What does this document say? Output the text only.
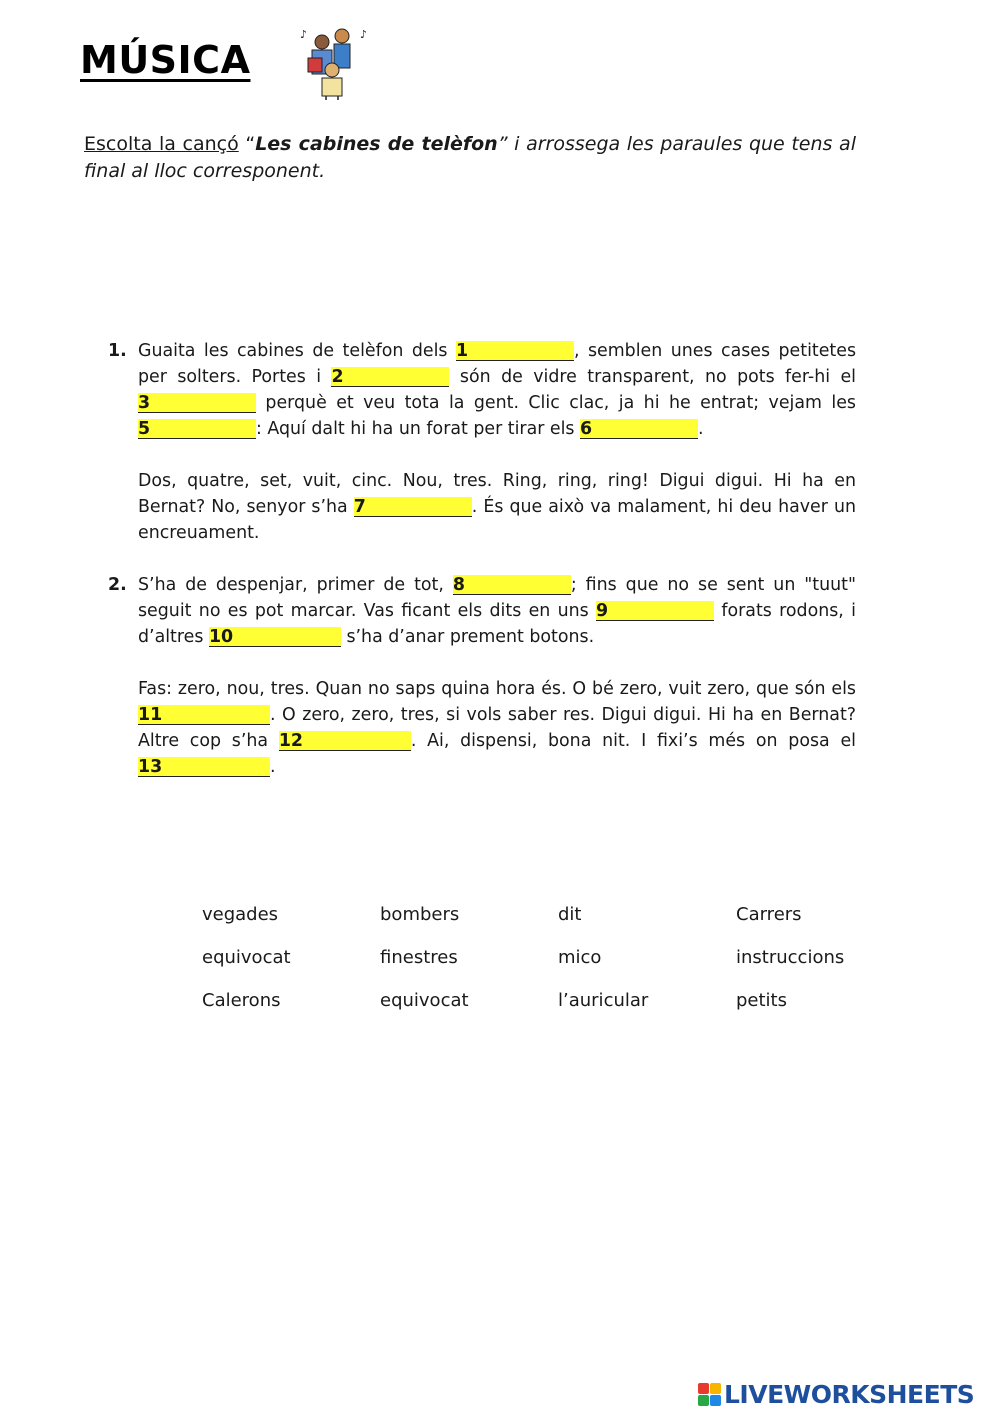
MÚSICA
♪	♪
Escolta la cançó “Les cabines de telèfon” i arrossega les paraules que tens al final al lloc corresponent.
1. Guaita les cabines de telèfon dels 1	, semblen unes cases petitetes per solters. Portes i 2	són de vidre transparent, no pots fer-hi el 3	perquè et veu tota la gent. Clic clac, ja hi he entrat; vejam les 5	: Aquí dalt hi ha un forat per tirar els 6	.

Dos, quatre, set, vuit, cinc. Nou, tres. Ring, ring, ring! Digui digui. Hi ha en Bernat? No, senyor s’ha 7	. És que això va malament, hi deu haver un encreuament.

2. S’ha de despenjar, primer de tot, 8	; fins que no se sent un "tuut" seguit no es pot marcar. Vas ficant els dits en uns 9	forats rodons, i d’altres 10	s’ha d’anar prement botons.

Fas: zero, nou, tres. Quan no saps quina hora és. O bé zero, vuit zero, que són els 11	. O zero, zero, tres, si vols saber res. Digui digui. Hi ha en Bernat? Altre cop s’ha 12	. Ai, dispensi, bona nit. I fixi’s més on posa el 13	.

vegades	bombers	dit	Carrers
equivocat	finestres	mico	instruccions
Calerons	equivocat	l’auricular	petits
LIVEWORKSHEETS
